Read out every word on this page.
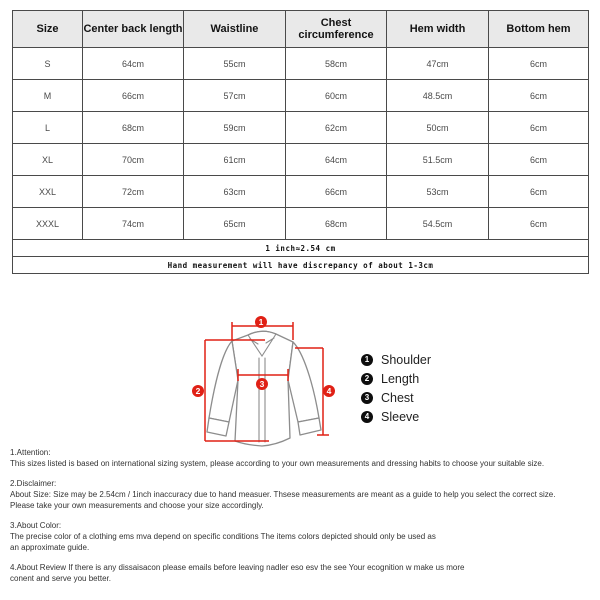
Size	Center back length	Waistline	Chest circumference	Hem width	Bottom hem
S	64cm	55cm	58cm	47cm	6cm
M	66cm	57cm	60cm	48.5cm	6cm
L	68cm	59cm	62cm	50cm	6cm
XL	70cm	61cm	64cm	51.5cm	6cm
XXL	72cm	63cm	66cm	53cm	6cm
XXXL	74cm	65cm	68cm	54.5cm	6cm
1 inch≈2.54 cm					
Hand measurement will have discrepancy of about 1-3cm					
1
2
3
4
1 Shoulder
2 Length
3 Chest
4 Sleeve
1.Attention:
This sizes listed is based on international sizing system, please according to your own measurements and dressing habits to choose your suitable size.
2.Disclaimer:
About Size: Size may be 2.54cm / 1inch inaccuracy due to hand measuer. Thsese measurements are meant as a guide to help you select the correct size.
Please take your own measurements and choose your size accordingly.
3.About Color:
The precise color of a clothing ems mva depend on specific conditions The items colors depicted should only be used as
an approximate guide.
4.About Review If there is any dissaisacon please emails before leaving nadler eso esv the see Your ecognition w make us more
conent and serve you better.
